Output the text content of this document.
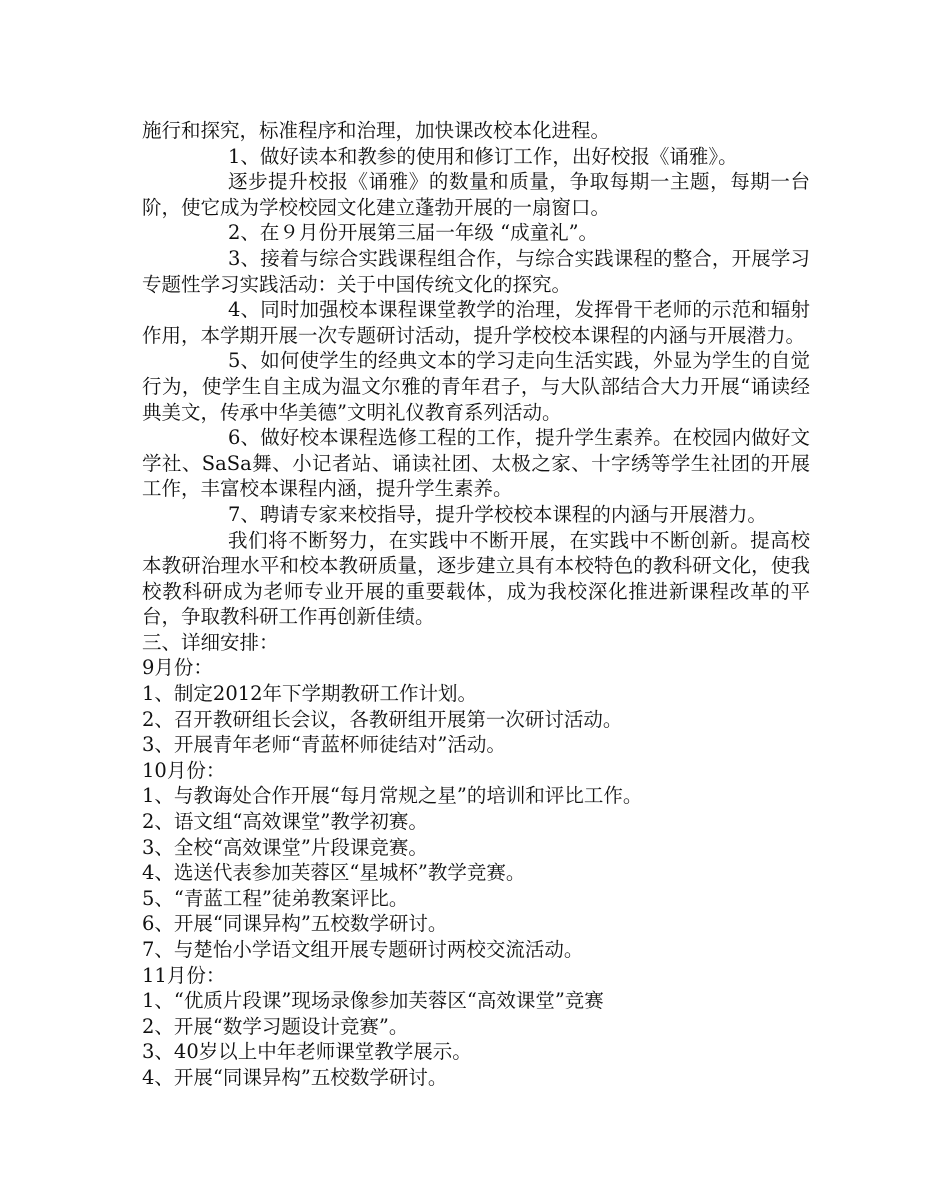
施行和探究，标准程序和治理，加快课改校本化进程。

1、做好读本和教参的使用和修订工作，出好校报《诵雅》。

逐步提升校报《诵雅》的数量和质量，争取每期一主题，每期一台阶，使它成为学校校园文化建立蓬勃开展的一扇窗口。

2、在９月份开展第三届一年级 “成童礼”。

3、接着与综合实践课程组合作，与综合实践课程的整合，开展学习专题性学习实践活动：关于中国传统文化的探究。

4、同时加强校本课程课堂教学的治理，发挥骨干老师的示范和辐射作用，本学期开展一次专题研讨活动，提升学校校本课程的内涵与开展潜力。

5、如何使学生的经典文本的学习走向生活实践，外显为学生的自觉行为，使学生自主成为温文尔雅的青年君子，与大队部结合大力开展“诵读经典美文，传承中华美德”文明礼仪教育系列活动。

6、做好校本课程选修工程的工作，提升学生素养。在校园内做好文学社、SaSa舞、小记者站、诵读社团、太极之家、十字绣等学生社团的开展工作，丰富校本课程内涵，提升学生素养。

7、聘请专家来校指导，提升学校校本课程的内涵与开展潜力。

我们将不断努力，在实践中不断开展，在实践中不断创新。提高校本教研治理水平和校本教研质量，逐步建立具有本校特色的教科研文化，使我校教科研成为老师专业开展的重要载体，成为我校深化推进新课程改革的平台，争取教科研工作再创新佳绩。

三、详细安排：

9月份：

1、制定2012年下学期教研工作计划。

2、召开教研组长会议，各教研组开展第一次研讨活动。

3、开展青年老师“青蓝杯师徒结对”活动。

10月份：

1、与教诲处合作开展“每月常规之星”的培训和评比工作。

2、语文组“高效课堂”教学初赛。

3、全校“高效课堂”片段课竞赛。

4、选送代表参加芙蓉区“星城杯”教学竞赛。

5、“青蓝工程”徒弟教案评比。

6、开展“同课异构”五校数学研讨。

7、与楚怡小学语文组开展专题研讨两校交流活动。

11月份：

1、“优质片段课”现场录像参加芙蓉区“高效课堂”竞赛

2、开展“数学习题设计竞赛”。

3、40岁以上中年老师课堂教学展示。

4、开展“同课异构”五校数学研讨。
